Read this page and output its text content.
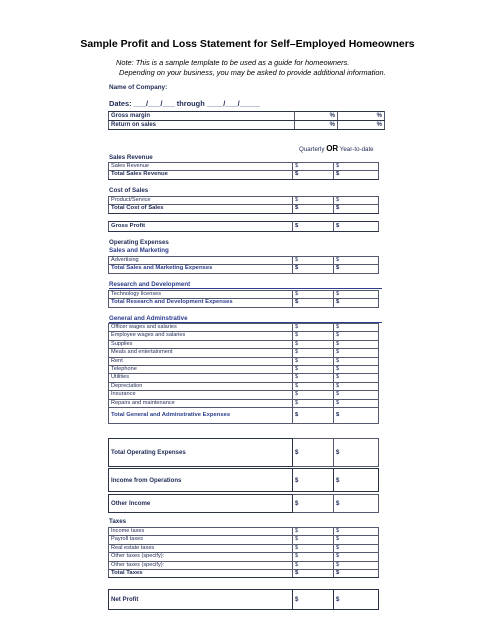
Sample Profit and Loss Statement for Self–Employed Homeowners
Note: This is a sample template to be used as a guide for homeowners.
Depending on your business, you may be asked to provide additional information.
Name of Company:
Dates: ___/___/___ through ____/___/_____
Gross margin	%	%
Return on sales	%	%
Quarterly OR Year-to-date
Sales Revenue
Sales Revenue	$	$
Total Sales Revenue	$	$
Cost of Sales
Product/Service	$	$
Total Cost of Sales	$	$
Gross Profit	$	$
Operating Expenses
Sales and Marketing
Advertising	$	$
Total Sales and Marketing Expenses	$	$
Research and Development
Technology licenses	$	$
Total Research and Development Expenses	$	$
General and Adminstrative
Officer wages and salaries	$	$
Employee wages and salaries	$	$
Supplies	$	$
Meals and entertainment	$	$
Rent	$	$
Telephone	$	$
Utilities	$	$
Depreciation	$	$
Insurance	$	$
Repairs and maintenance	$	$
Total General and Adminstrative Expenses	$	$
Total Operating Expenses	$	$
Income from Operations	$	$
Other Income	$	$
Taxes
Income taxes	$	$
Payroll taxes	$	$
Real estate taxes	$	$
Other taxes (specify):	$	$
Other taxes (specify):	$	$
Total Taxes	$	$
Net Profit	$	$
